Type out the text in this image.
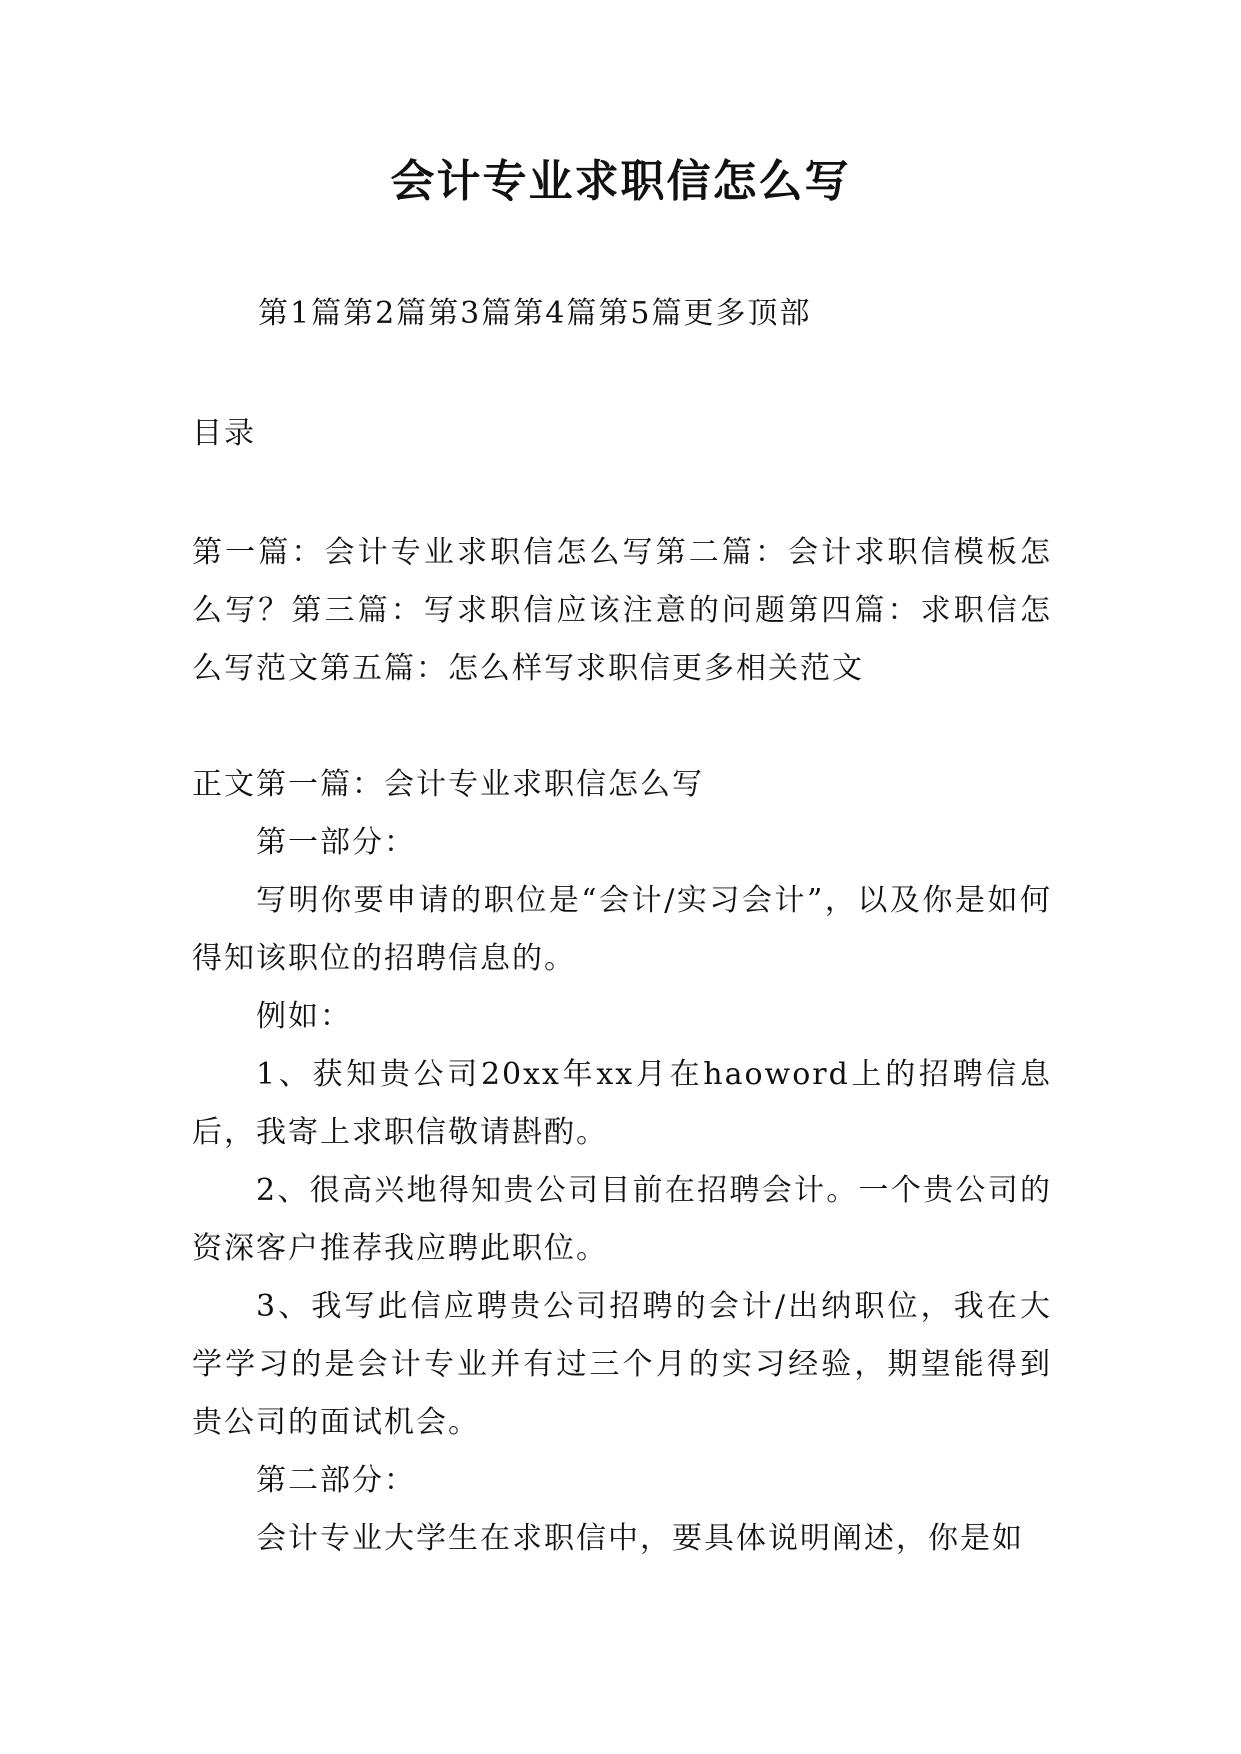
会计专业求职信怎么写
第1篇第2篇第3篇第4篇第5篇更多顶部
目录
第一篇：会计专业求职信怎么写第二篇：会计求职信模板怎么写？第三篇：写求职信应该注意的问题第四篇：求职信怎么写范文第五篇：怎么样写求职信更多相关范文

正文第一篇：会计专业求职信怎么写

第一部分：

写明你要申请的职位是“会计/实习会计”，以及你是如何得知该职位的招聘信息的。

例如：

1、获知贵公司20xx年xx月在haoword上的招聘信息后，我寄上求职信敬请斟酌。

2、很高兴地得知贵公司目前在招聘会计。一个贵公司的资深客户推荐我应聘此职位。

3、我写此信应聘贵公司招聘的会计/出纳职位，我在大学学习的是会计专业并有过三个月的实习经验，期望能得到贵公司的面试机会。

第二部分：

会计专业大学生在求职信中，要具体说明阐述，你是如
